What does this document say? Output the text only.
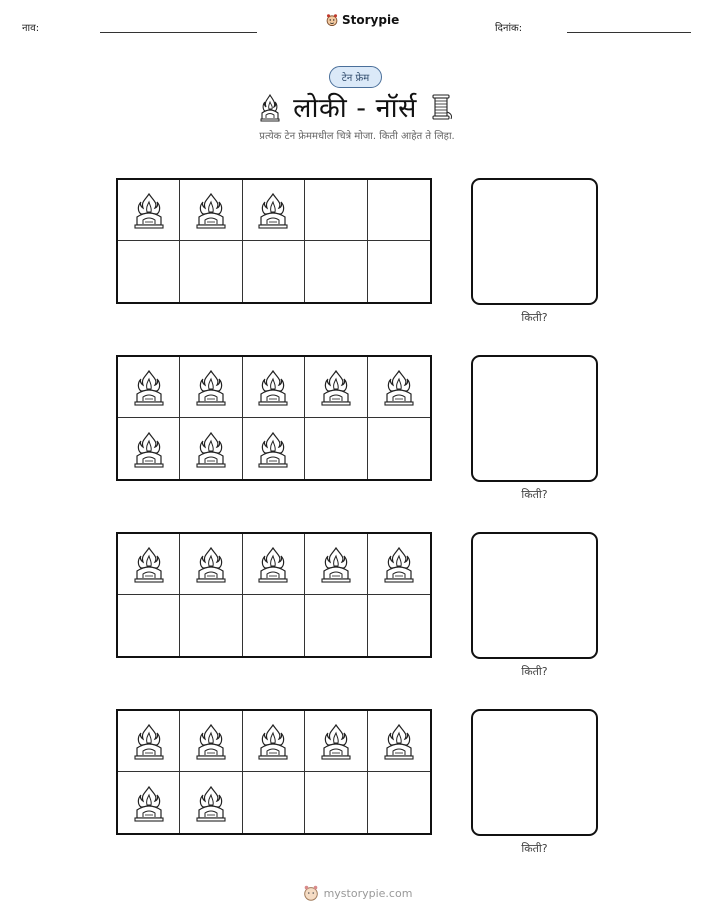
नाव:
Storypie
दिनांक:
टेन फ्रेम
लोकी - नॉर्स
प्रत्येक टेन फ्रेममधील चित्रे मोजा. किती आहेत ते लिहा.
किती?
किती?
किती?
किती?
mystorypie.com
